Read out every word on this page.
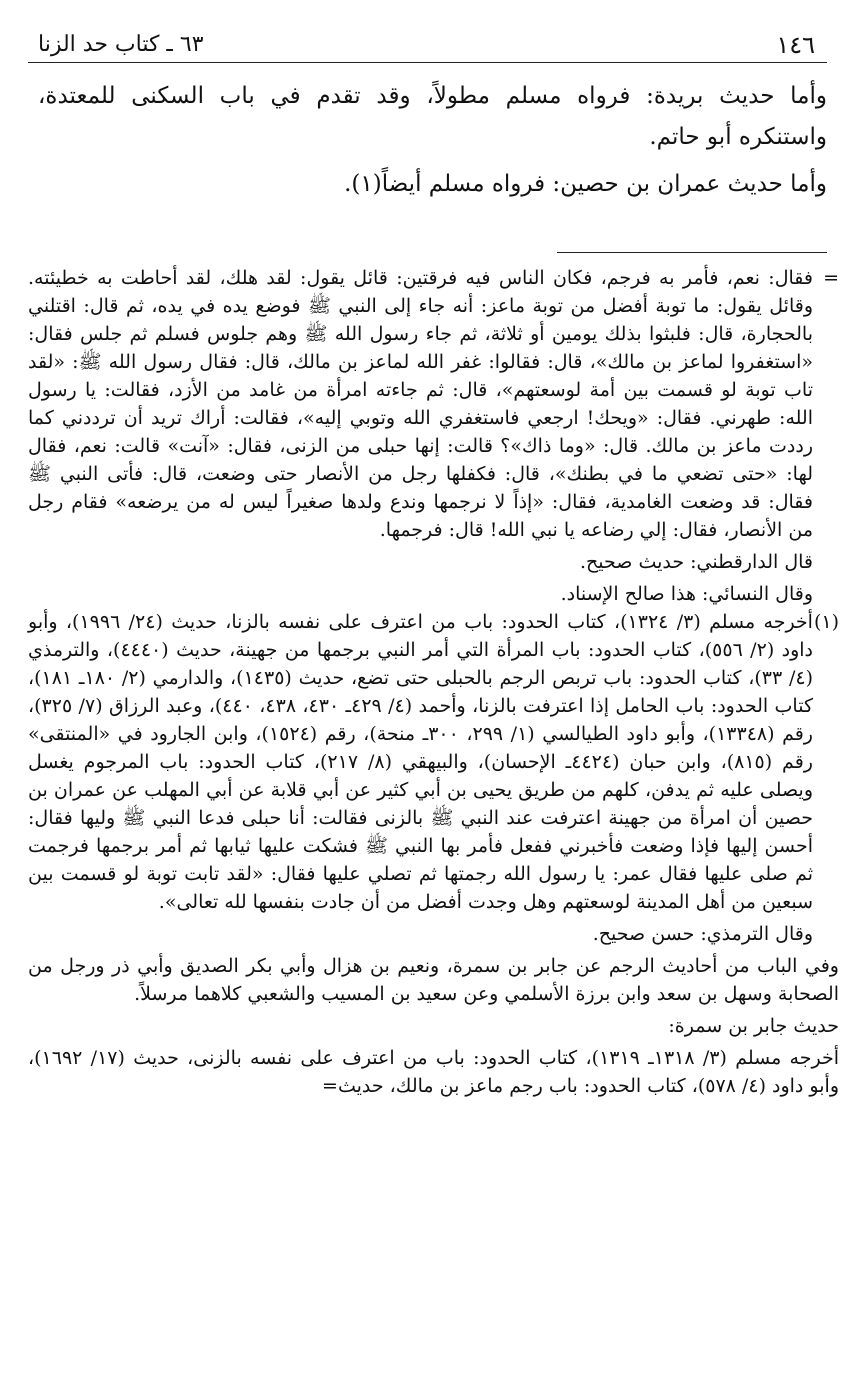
١٤٦
٦٣ ـ كتاب حد الزنا

وأما حديث بريدة: فرواه مسلم مطولاً، وقد تقدم في باب السكنى للمعتدة، واستنكره أبو حاتم.

وأما حديث عمران بن حصين: فرواه مسلم أيضاً(١).

=
فقال: نعم، فأمر به فرجم، فكان الناس فيه فرقتين: قائل يقول: لقد هلك، لقد أحاطت به خطيئته. وقائل يقول: ما توبة أفضل من توبة ماعز: أنه جاء إلى النبي ﷺ فوضع يده في يده، ثم قال: اقتلني بالحجارة، قال: فلبثوا بذلك يومين أو ثلاثة، ثم جاء رسول الله ﷺ وهم جلوس فسلم ثم جلس فقال: «استغفروا لماعز بن مالك»، قال: فقالوا: غفر الله لماعز بن مالك، قال: فقال رسول الله ﷺ: «لقد تاب توبة لو قسمت بين أمة لوسعتهم»، قال: ثم جاءته امرأة من غامد من الأزد، فقالت: يا رسول الله: طهرني. فقال: «ويحك! ارجعي فاستغفري الله وتوبي إليه»، فقالت: أراك تريد أن ترددني كما رددت ماعز بن مالك. قال: «وما ذاك»؟ قالت: إنها حبلى من الزنى، فقال: «آنت» قالت: نعم، فقال لها: «حتى تضعي ما في بطنك»، قال: فكفلها رجل من الأنصار حتى وضعت، قال: فأتى النبي ﷺ فقال: قد وضعت الغامدية، فقال: «إذاً لا نرجمها وندع ولدها صغيراً ليس له من يرضعه» فقام رجل من الأنصار، فقال: إلي رضاعه يا نبي الله! قال: فرجمها.

قال الدارقطني: حديث صحيح.

وقال النسائي: هذا صالح الإسناد.

(١)
أخرجه مسلم (٣/ ١٣٢٤)، كتاب الحدود: باب من اعترف على نفسه بالزنا، حديث (٢٤/ ١٩٩٦)، وأبو داود (٢/ ٥٥٦)، كتاب الحدود: باب المرأة التي أمر النبي برجمها من جهينة، حديث (٤٤٤٠)، والترمذي (٤/ ٣٣)، كتاب الحدود: باب تربص الرجم بالحبلى حتى تضع، حديث (١٤٣٥)، والدارمي (٢/ ١٨٠ـ ١٨١)، كتاب الحدود: باب الحامل إذا اعترفت بالزنا، وأحمد (٤/ ٤٢٩ـ ٤٣٠، ٤٣٨، ٤٤٠)، وعبد الرزاق (٧/ ٣٢٥)، رقم (١٣٣٤٨)، وأبو داود الطيالسي (١/ ٢٩٩، ٣٠٠ـ منحة)، رقم (١٥٢٤)، وابن الجارود في «المنتقى» رقم (٨١٥)، وابن حبان (٤٤٢٤ـ الإحسان)، والبيهقي (٨/ ٢١٧)، كتاب الحدود: باب المرجوم يغسل ويصلى عليه ثم يدفن، كلهم من طريق يحيى بن أبي كثير عن أبي قلابة عن أبي المهلب عن عمران بن حصين أن امرأة من جهينة اعترفت عند النبي ﷺ بالزنى فقالت: أنا حبلى فدعا النبي ﷺ وليها فقال: أحسن إليها فإذا وضعت فأخبرني ففعل فأمر بها النبي ﷺ فشكت عليها ثيابها ثم أمر برجمها فرجمت ثم صلى عليها فقال عمر: يا رسول الله رجمتها ثم تصلي عليها فقال: «لقد تابت توبة لو قسمت بين سبعين من أهل المدينة لوسعتهم وهل وجدت أفضل من أن جادت بنفسها لله تعالى».

وقال الترمذي: حسن صحيح.

وفي الباب من أحاديث الرجم عن جابر بن سمرة، ونعيم بن هزال وأبي بكر الصديق وأبي ذر ورجل من الصحابة وسهل بن سعد وابن برزة الأسلمي وعن سعيد بن المسيب والشعبي كلاهما مرسلاً.

حديث جابر بن سمرة:

أخرجه مسلم (٣/ ١٣١٨ـ ١٣١٩)، كتاب الحدود: باب من اعترف على نفسه بالزنى، حديث (١٧/ ١٦٩٢)، وأبو داود (٤/ ٥٧٨)، كتاب الحدود: باب رجم ماعز بن مالك، حديث=
